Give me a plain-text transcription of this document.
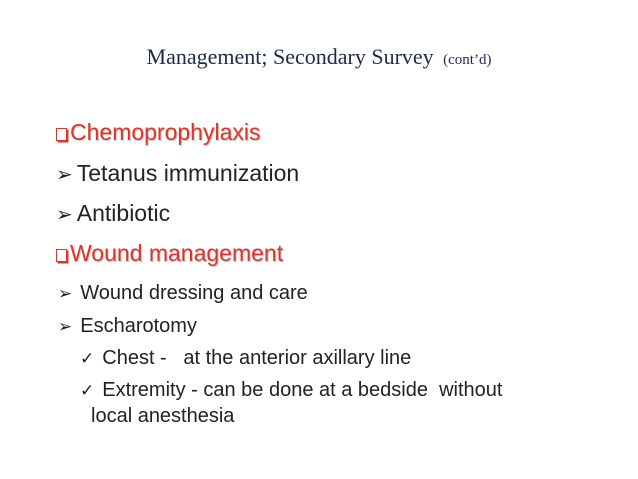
Management; Secondary Survey (cont’d)
Chemoprophylaxis
➢ Tetanus immunization
➢ Antibiotic
Wound management
➢ Wound dressing and care
➢ Escharotomy
✓ Chest -   at the anterior axillary line
✓ Extremity - can be done at a bedside  without
local anesthesia
